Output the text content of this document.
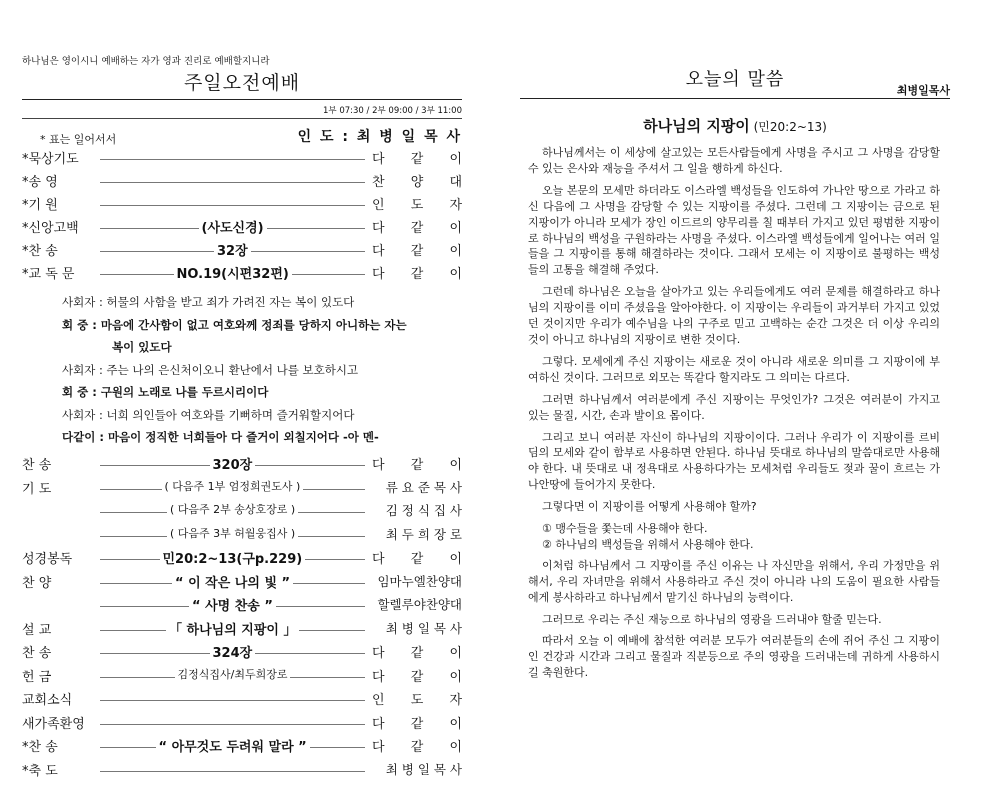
하나님은 영이시니 예배하는 자가 영과 진리로 예배할지니라
주일오전예배
1부 07:30 / 2부 09:00 / 3부 11:00
* 표는 일어서서	인 도 : 최 병 일 목 사
*묵상기도	다 같 이
*송 영	찬 양 대
*기 원	인 도 자
*신앙고백	(사도신경)	다 같 이
*찬 송	32장	다 같 이
*교 독 문	NO.19(시편32편)	다 같 이
사회자 : 허물의 사함을 받고 죄가 가려진 자는 복이 있도다
회 중 : 마음에 간사함이 없고 여호와께 정죄를 당하지 아니하는 자는
복이 있도다
사회자 : 주는 나의 은신처이오니 환난에서 나를 보호하시고
회 중 : 구원의 노래로 나를 두르시리이다
사회자 : 너희 의인들아 여호와를 기뻐하며 즐거워할지어다
다같이 : 마음이 정직한 너희들아 다 즐거이 외칠지어다 -아 멘-
찬 송	320장	다 같 이
기 도	( 다음주 1부 엄정희권도사 )	류 요 준 목 사
( 다음주 2부 송상호장로 )	김 정 식 집 사
( 다음주 3부 허월웅집사 )	최 두 희 장 로
성경봉독	민20:2~13(구p.229)	다 같 이
찬 양	“ 이 작은 나의 빛 ”	임마누엘찬양대
“ 사명 찬송 ”	할렐루야찬양대
설 교	「 하나님의 지팡이 」	최 병 일 목 사
찬 송	324장	다 같 이
헌 금	김정식집사/최두희장로	다 같 이
교회소식	인 도 자
새가족환영	다 같 이
*찬 송	“ 아무것도 두려워 말라 ”	다 같 이
*축 도	최 병 일 목 사
오늘의 말씀
최병일목사
하나님의 지팡이 (민20:2~13)

하나님께서는 이 세상에 살고있는 모든사람들에게 사명을 주시고 그 사명을 감당할 수 있는 은사와 재능을 주셔서 그 일을 행하게 하신다.

오늘 본문의 모세만 하더라도 이스라엘 백성들을 인도하여 가나안 땅으로 가라고 하신 다음에 그 사명을 감당할 수 있는 지팡이를 주셨다. 그런데 그 지팡이는 금으로 된 지팡이가 아니라 모세가 장인 이드르의 양무리를 칠 때부터 가지고 있던 평범한 지팡이로 하나님의 백성을 구원하라는 사명을 주셨다. 이스라엘 백성들에게 일어나는 여러 일들을 그 지팡이를 통해 해결하라는 것이다. 그래서 모세는 이 지팡이로 불평하는 백성들의 고통을 해결해 주었다.

그런데 하나님은 오늘을 살아가고 있는 우리들에게도 여러 문제를 해결하라고 하나님의 지팡이를 이미 주셨음을 알아야한다. 이 지팡이는 우리들이 과거부터 가지고 있었던 것이지만 우리가 예수님을 나의 구주로 믿고 고백하는 순간 그것은 더 이상 우리의 것이 아니고 하나님의 지팡이로 변한 것이다.

그렇다. 모세에게 주신 지팡이는 새로운 것이 아니라 새로운 의미를 그 지팡이에 부여하신 것이다. 그러므로 외모는 똑같다 할지라도 그 의미는 다르다.

그러면 하나님께서 여러분에게 주신 지팡이는 무엇인가? 그것은 여러분이 가지고 있는 물질, 시간, 손과 발이요 몸이다.

그리고 보니 여러분 자신이 하나님의 지팡이이다. 그러나 우리가 이 지팡이를 르비딤의 모세와 같이 함부로 사용하면 안된다. 하나님 뜻대로 하나님의 말씀대로만 사용해야 한다. 내 뜻대로 내 정욕대로 사용하다가는 모세처럼 우리들도 젖과 꿀이 흐르는 가나안땅에 들어가지 못한다.

그렇다면 이 지팡이를 어떻게 사용해야 할까?

① 맹수들을 쫓는데 사용해야 한다.

② 하나님의 백성들을 위해서 사용해야 한다.

이처럼 하나님께서 그 지팡이를 주신 이유는 나 자신만을 위해서, 우리 가정만을 위해서, 우리 자녀만을 위해서 사용하라고 주신 것이 아니라 나의 도움이 필요한 사람들에게 봉사하라고 하나님께서 맡기신 하나님의 능력이다.

그러므로 우리는 주신 재능으로 하나님의 영광을 드러내야 할줄 믿는다.

따라서 오늘 이 예배에 참석한 여러분 모두가 여러분들의 손에 쥐어 주신 그 지팡이인 건강과 시간과 그리고 물질과 직분등으로 주의 영광을 드러내는데 귀하게 사용하시길 축원한다.
